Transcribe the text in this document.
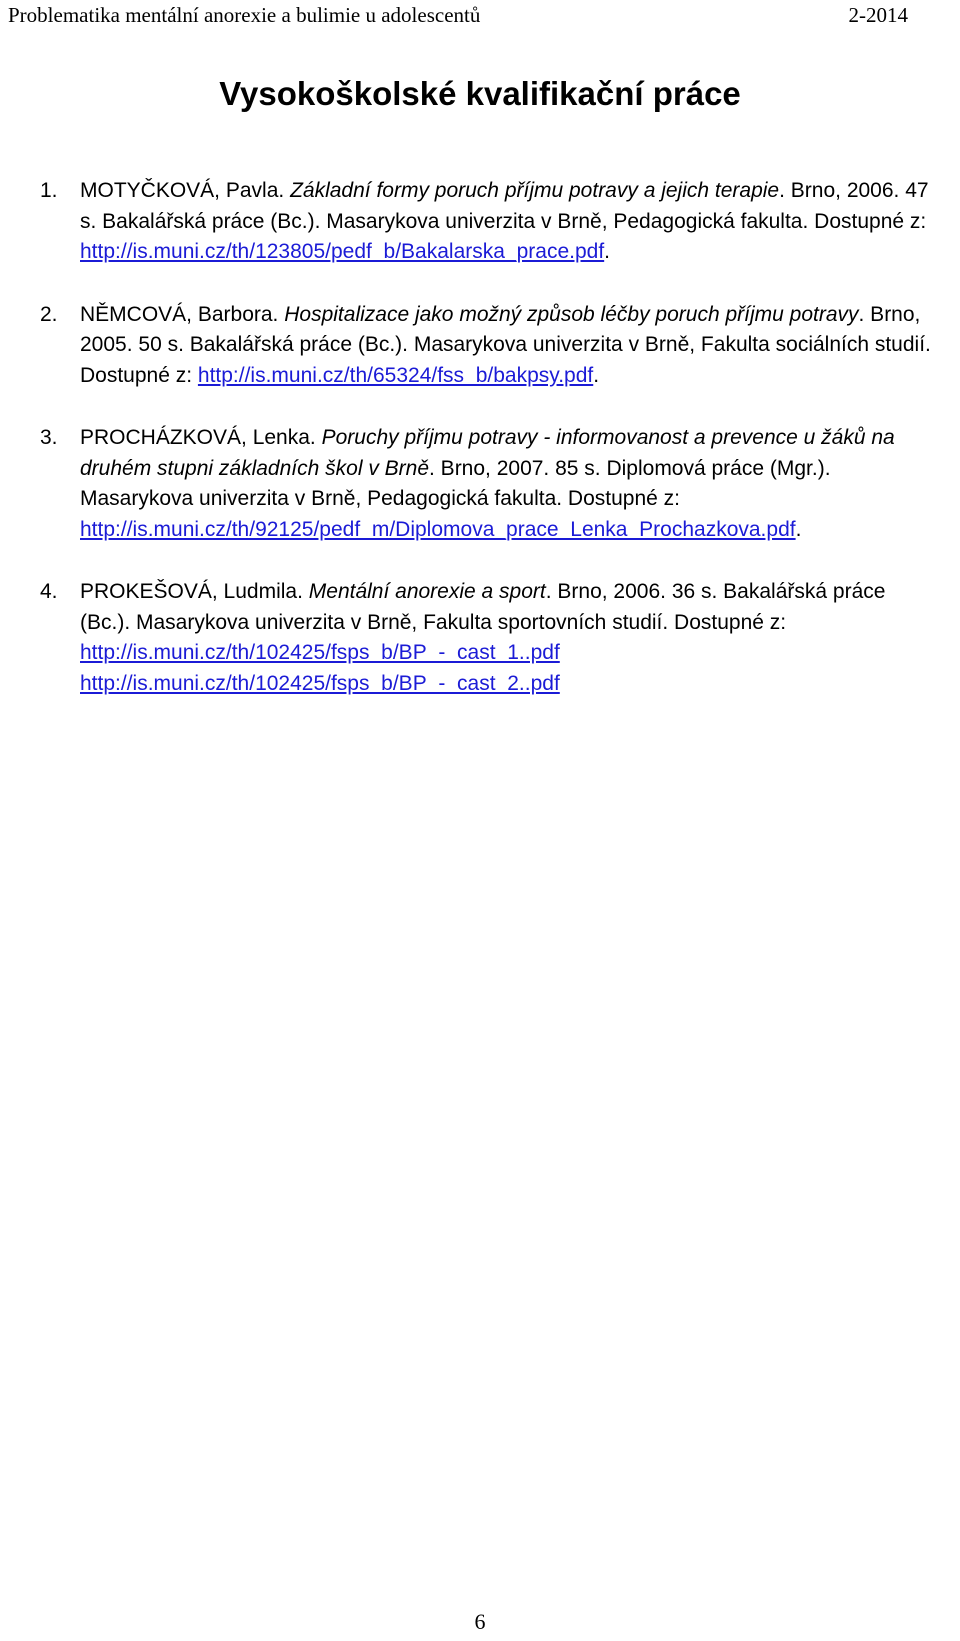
Problematika mentální anorexie a bulimie u adolescentů	2-2014
Vysokoškolské kvalifikační práce
1. MOTYČKOVÁ, Pavla. Základní formy poruch příjmu potravy a jejich terapie. Brno, 2006. 47 s. Bakalářská práce (Bc.). Masarykova univerzita v Brně, Pedagogická fakulta. Dostupné z: http://is.muni.cz/th/123805/pedf_b/Bakalarska_prace.pdf.
2. NĚMCOVÁ, Barbora. Hospitalizace jako možný způsob léčby poruch příjmu potravy. Brno, 2005. 50 s. Bakalářská práce (Bc.). Masarykova univerzita v Brně, Fakulta sociálních studií. Dostupné z: http://is.muni.cz/th/65324/fss_b/bakpsy.pdf.
3. PROCHÁZKOVÁ, Lenka. Poruchy příjmu potravy - informovanost a prevence u žáků na druhém stupni základních škol v Brně. Brno, 2007. 85 s. Diplomová práce (Mgr.). Masarykova univerzita v Brně, Pedagogická fakulta. Dostupné z: http://is.muni.cz/th/92125/pedf_m/Diplomova_prace_Lenka_Prochazkova.pdf.
4. PROKEŠOVÁ, Ludmila. Mentální anorexie a sport. Brno, 2006. 36 s. Bakalářská práce (Bc.). Masarykova univerzita v Brně, Fakulta sportovních studií. Dostupné z:
http://is.muni.cz/th/102425/fsps_b/BP_-_cast_1..pdf
http://is.muni.cz/th/102425/fsps_b/BP_-_cast_2..pdf
6
